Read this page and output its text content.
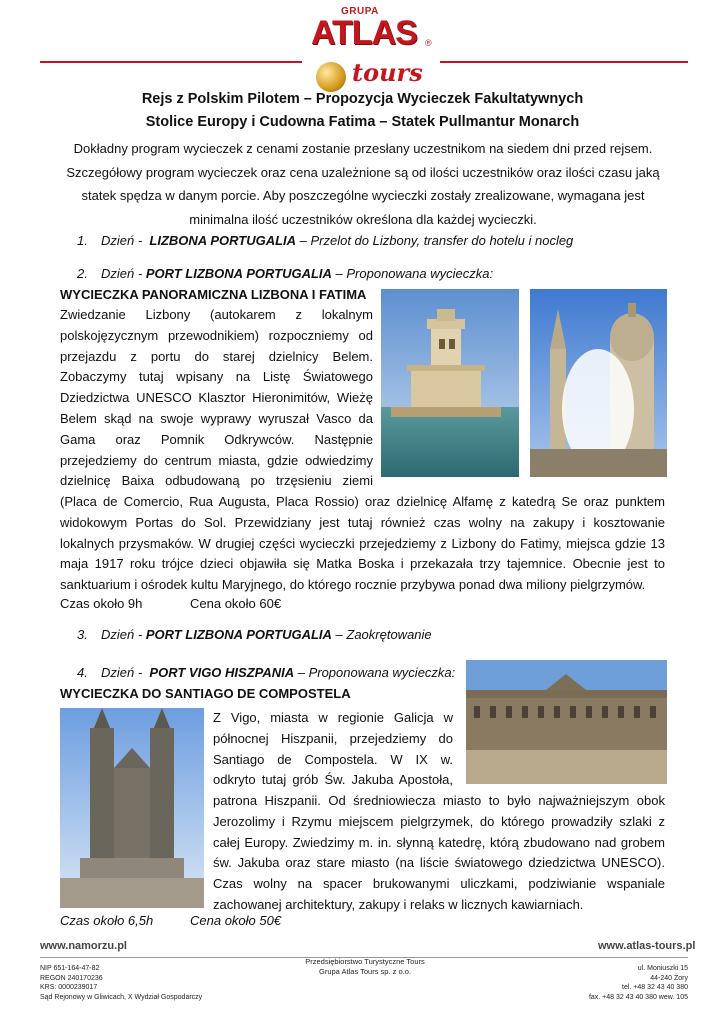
GRUPA
ATLAS ®
tours
Rejs z Polskim Pilotem – Propozycja Wycieczek Fakultatywnych
Stolice Europy i Cudowna Fatima – Statek Pullmantur Monarch
Dokładny program wycieczek z cenami zostanie przesłany uczestnikom na siedem dni przed rejsem.
Szczegółowy program wycieczek oraz cena uzależnione są od ilości uczestników oraz ilości czasu jaką
statek spędza w danym porcie. Aby poszczególne wycieczki zostały zrealizowane, wymagana jest
minimalna ilość uczestników określona dla każdej wycieczki.
1. Dzień - LIZBONA PORTUGALIA – Przelot do Lizbony, transfer do hotelu i nocleg
2. Dzień - PORT LIZBONA PORTUGALIA – Proponowana wycieczka:
WYCIECZKA PANORAMICZNA LIZBONA I FATIMA
Zwiedzanie Lizbony (autokarem z lokalnym
polskojęzycznym przewodnikiem) rozpoczniemy od
przejazdu z portu do starej dzielnicy Belem.
Zobaczymy tutaj wpisany na Listę Światowego
Dziedzictwa UNESCO Klasztor Hieronimitów, Wieżę
Belem skąd na swoje wyprawy wyruszał Vasco da
Gama oraz Pomnik Odkrywców. Następnie
przejedziemy do centrum miasta, gdzie odwiedzimy
dzielnicę Baixa odbudowaną po trzęsieniu ziemi
(Placa de Comercio, Rua Augusta, Placa Rossio) oraz dzielnicę Alfamę z katedrą Se oraz punktem
widokowym Portas do Sol. Przewidziany jest tutaj również czas wolny na zakupy i kosztowanie
lokalnych przysmaków. W drugiej części wycieczki przejedziemy z Lizbony do Fatimy, miejsca gdzie 13
maja 1917 roku trójce dzieci objawiła się Matka Boska i przekazała trzy tajemnice. Obecnie jest to
sanktuarium i ośrodek kultu Maryjnego, do którego rocznie przybywa ponad dwa miliony pielgrzymów.
Czas około 9h	Cena około 60€
3. Dzień - PORT LIZBONA PORTUGALIA – Zaokrętowanie
4. Dzień - PORT VIGO HISZPANIA – Proponowana wycieczka:
WYCIECZKA DO SANTIAGO DE COMPOSTELA
Z Vigo, miasta w regionie Galicja w
północnej Hiszpanii, przejedziemy do
Santiago de Compostela. W IX w.
odkryto tutaj grób Św. Jakuba Apostoła,
patrona Hiszpanii. Od średniowiecza miasto to było najważniejszym obok
Jerozolimy i Rzymu miejscem pielgrzymek, do którego prowadziły szlaki z
całej Europy. Zwiedzimy m. in. słynną katedrę, którą zbudowano nad grobem
św. Jakuba oraz stare miasto (na liście światowego dziedzictwa UNESCO).
Czas wolny na spacer brukowanymi uliczkami, podziwianie wspaniale
zachowanej architektury, zakupy i relaks w licznych kawiarniach.
Czas około 6,5h	Cena około 50€
www.namorzu.pl	www.atlas-tours.pl
NIP 651-164-47-82
REGON 240170236
KRS: 0000239017
Sąd Rejonowy w Gliwicach, X Wydział Gospodarczy
Przedsiębiorstwo Turystyczne Tours
Grupa Atlas Tours sp. z o.o.	ul. Moniuszki 15
44-240 Żory
tel. +48 32 43 40 380
fax. +48 32 43 40 380 wew. 105
